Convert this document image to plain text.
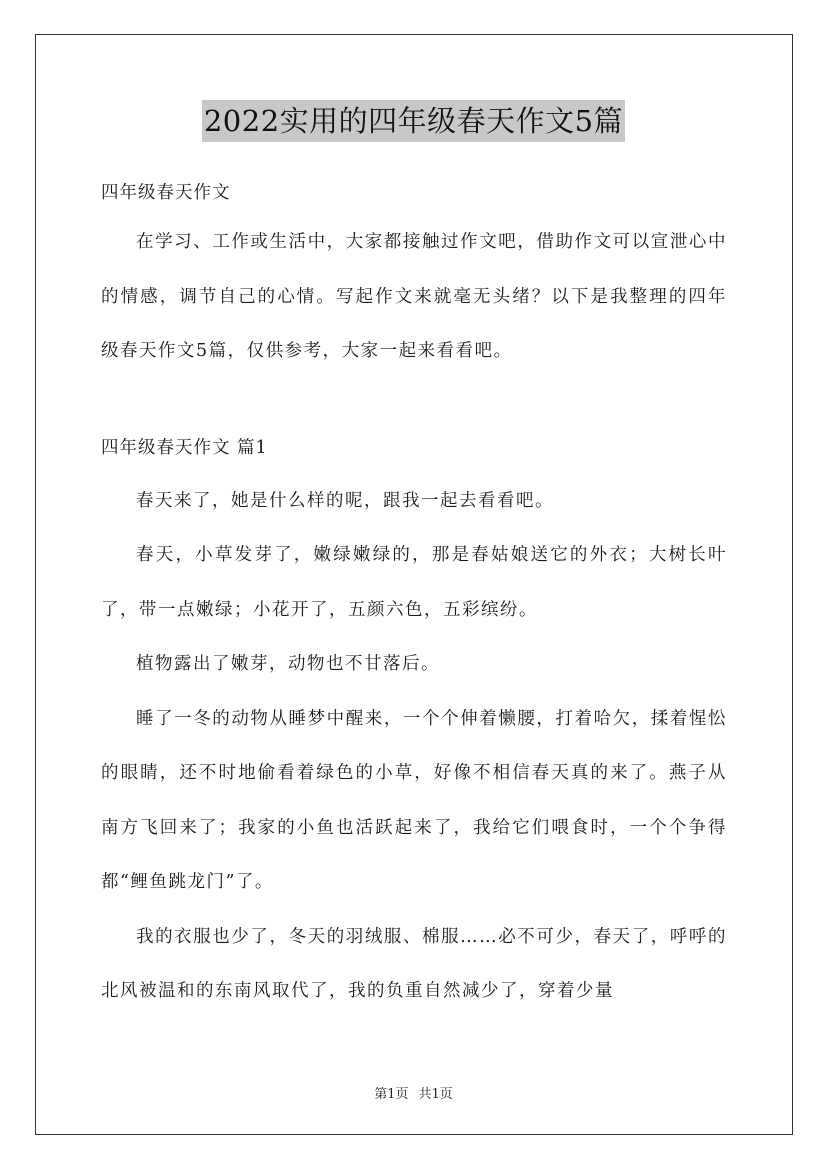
2022实用的四年级春天作文5篇

四年级春天作文

在学习、工作或生活中，大家都接触过作文吧，借助作文可以宣泄心中的情感，调节自己的心情。写起作文来就毫无头绪？以下是我整理的四年级春天作文5篇，仅供参考，大家一起来看看吧。

四年级春天作文 篇1

春天来了，她是什么样的呢，跟我一起去看看吧。

春天，小草发芽了，嫩绿嫩绿的，那是春姑娘送它的外衣；大树长叶了，带一点嫩绿；小花开了，五颜六色，五彩缤纷。

植物露出了嫩芽，动物也不甘落后。

睡了一冬的动物从睡梦中醒来，一个个伸着懒腰，打着哈欠，揉着惺忪的眼睛，还不时地偷看着绿色的小草，好像不相信春天真的来了。燕子从南方飞回来了；我家的小鱼也活跃起来了，我给它们喂食时，一个个争得都“鲤鱼跳龙门”了。

我的衣服也少了，冬天的羽绒服、棉服……必不可少，春天了，呼呼的北风被温和的东南风取代了，我的负重自然减少了，穿着少量

第1页 共1页
